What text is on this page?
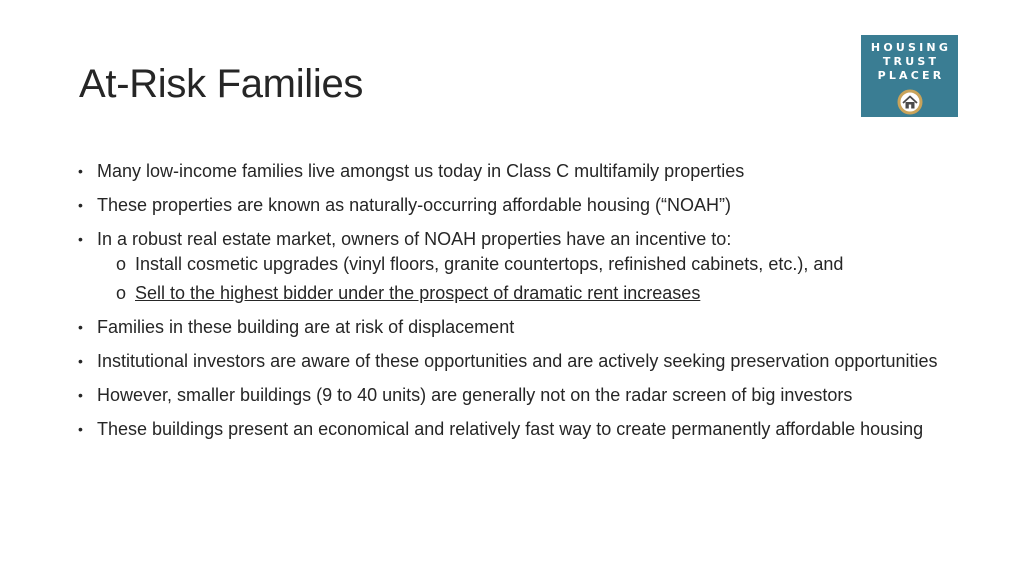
At-Risk Families
HOUSING
TRUST
PLACER
• Many low-income families live amongst us today in Class C multifamily properties
• These properties are known as naturally-occurring affordable housing (“NOAH”)
• In a robust real estate market, owners of NOAH properties have an incentive to:
o Install cosmetic upgrades (vinyl floors, granite countertops, refinished cabinets, etc.), and
o Sell to the highest bidder under the prospect of dramatic rent increases
• Families in these building are at risk of displacement
• Institutional investors are aware of these opportunities and are actively seeking preservation opportunities
• However, smaller buildings (9 to 40 units) are generally not on the radar screen of big investors
• These buildings present an economical and relatively fast way to create permanently affordable housing
